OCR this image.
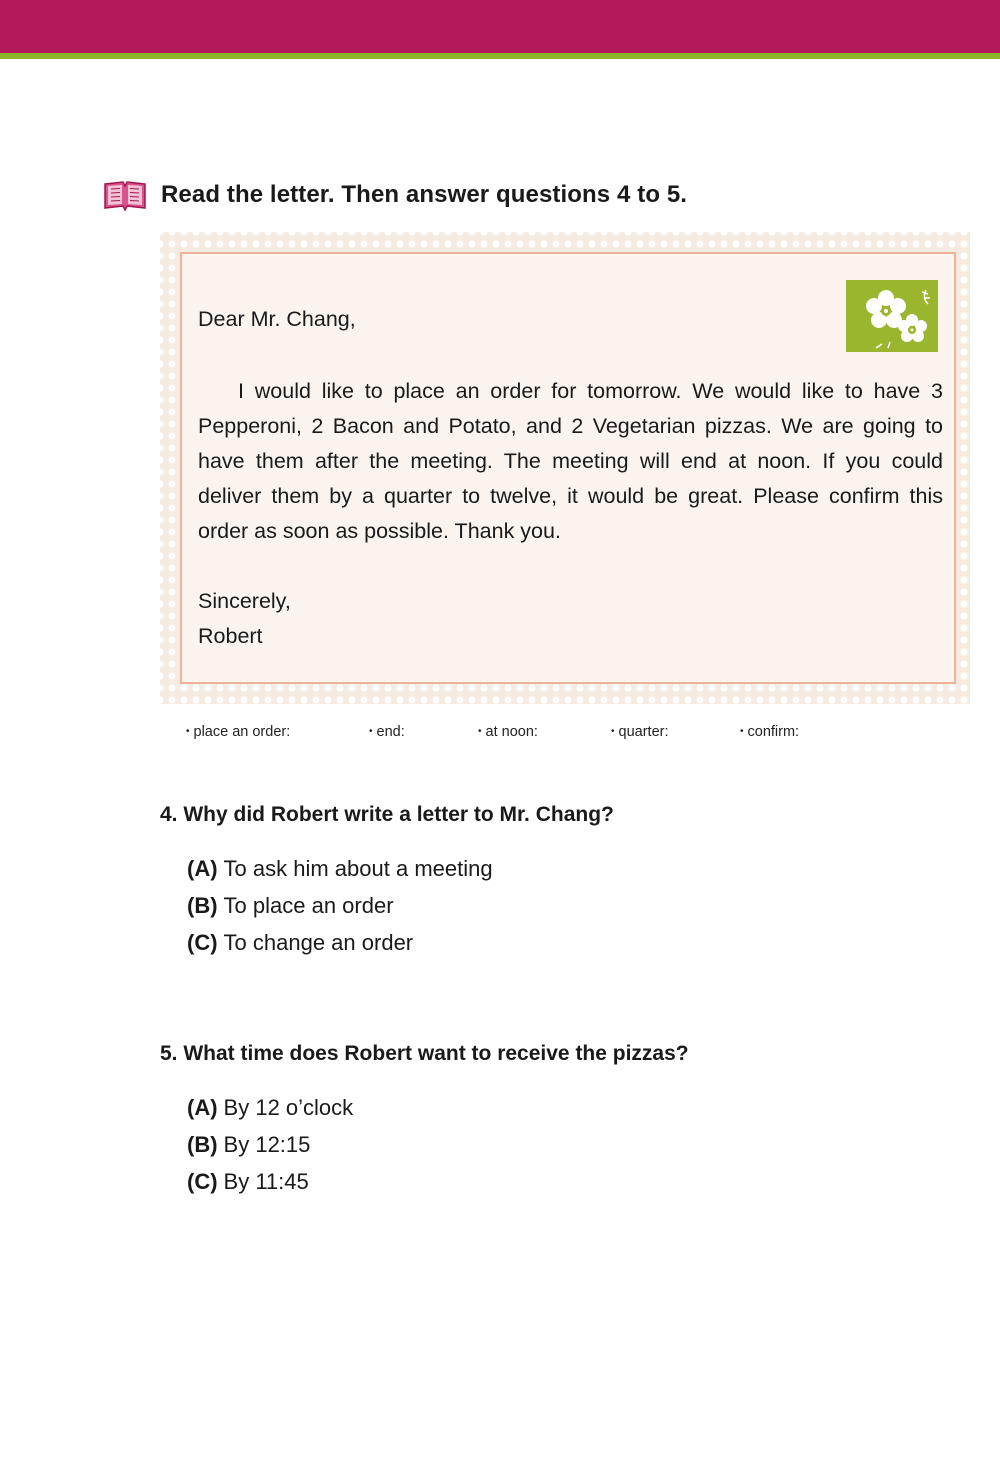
Read the letter. Then answer questions 4 to 5.
Dear Mr. Chang,
I would like to place an order for tomorrow. We would like to have 3 Pepperoni, 2 Bacon and Potato, and 2 Vegetarian pizzas. We are going to have them after the meeting. The meeting will end at noon. If you could deliver them by a quarter to twelve, it would be great. Please confirm this order as soon as possible. Thank you.
Sincerely,
Robert
• place an order:	• end:	• at noon:	• quarter:	• confirm:
4. Why did Robert write a letter to Mr. Chang?
(A) To ask him about a meeting
(B) To place an order
(C) To change an order
5. What time does Robert want to receive the pizzas?
(A) By 12 o’clock
(B) By 12:15
(C) By 11:45
